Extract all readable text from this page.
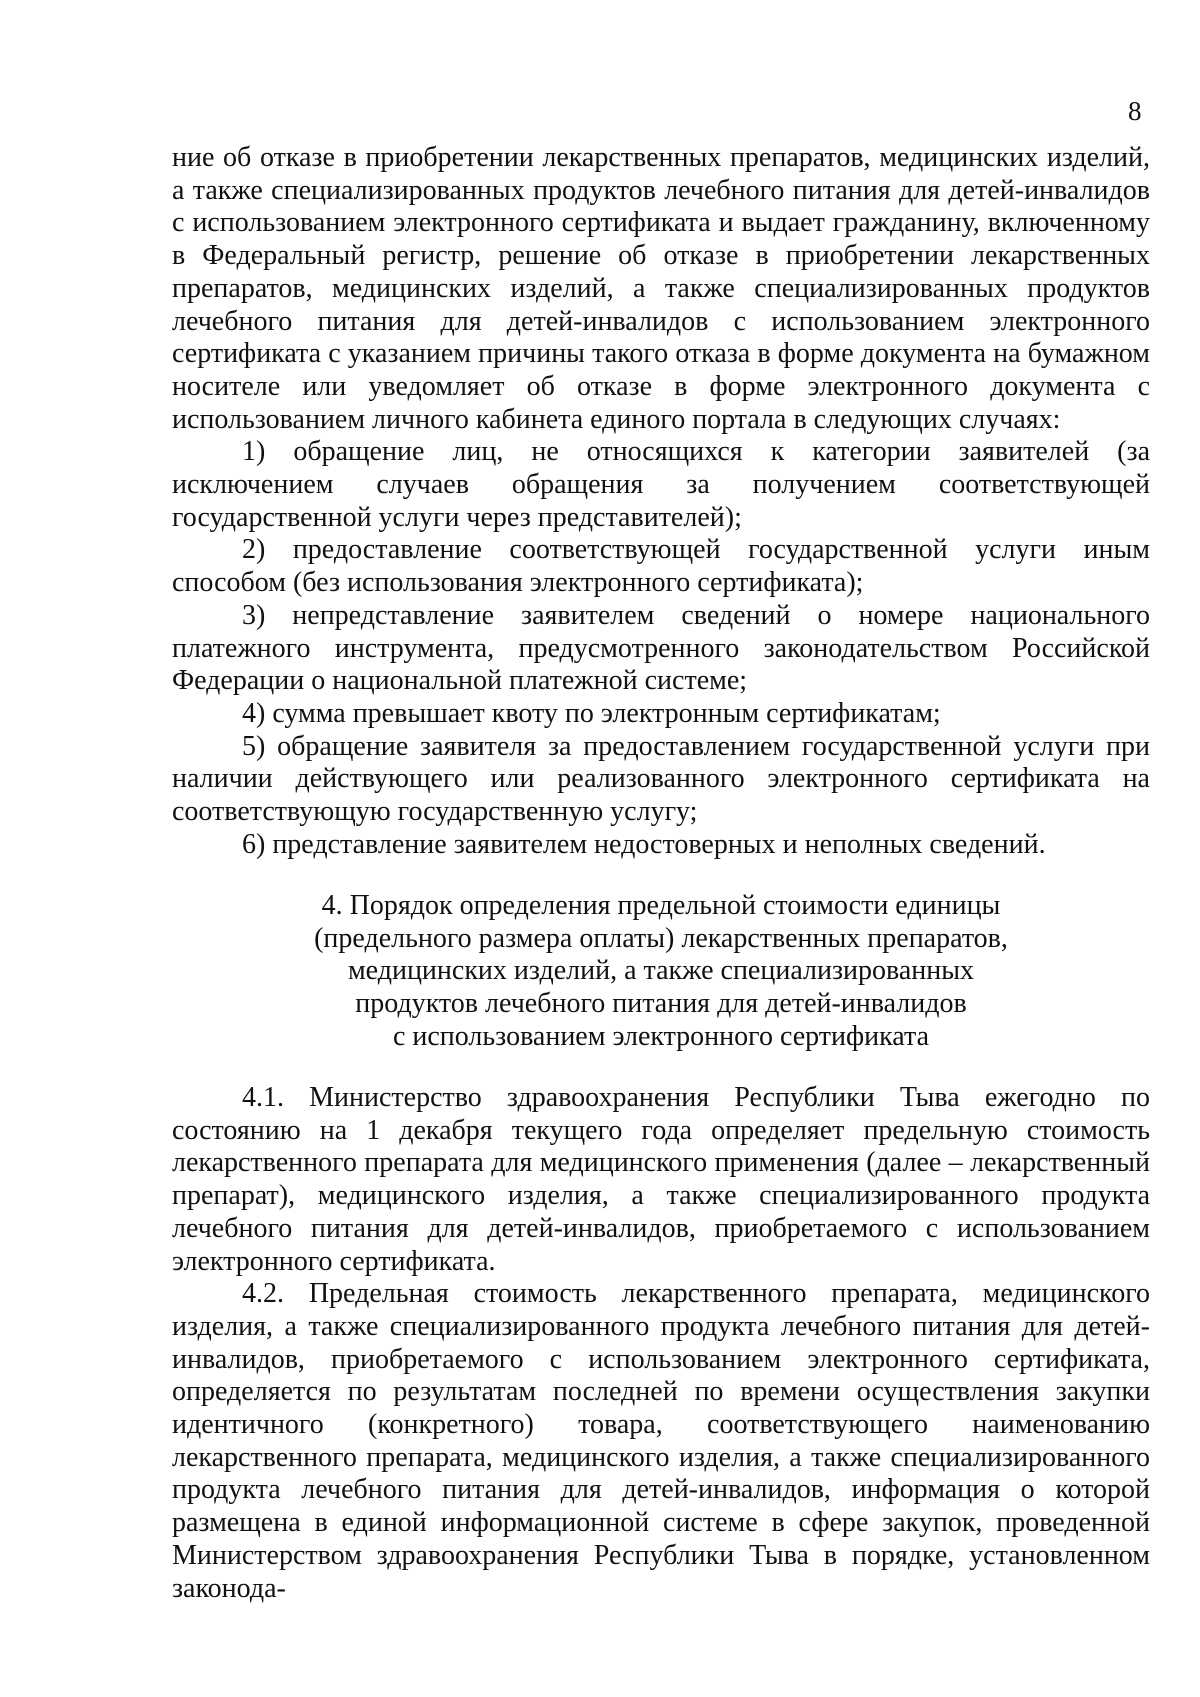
8

ние об отказе в приобретении лекарственных препаратов, медицинских изделий, а также специализированных продуктов лечебного питания для детей-инвалидов с использованием электронного сертификата и выдает гражданину, включенному в Федеральный регистр, решение об отказе в приобретении лекарственных препаратов, медицинских изделий, а также специализированных продуктов лечебного питания для детей-инвалидов с использованием электронного сертификата с указанием причины такого отказа в форме документа на бумажном носителе или уведомляет об отказе в форме электронного документа с использованием личного кабинета единого портала в следующих случаях:

1) обращение лиц, не относящихся к категории заявителей (за исключением случаев обращения за получением соответствующей государственной услуги через представителей);

2) предоставление соответствующей государственной услуги иным способом (без использования электронного сертификата);

3) непредставление заявителем сведений о номере национального платежного инструмента, предусмотренного законодательством Российской Федерации о национальной платежной системе;

4) сумма превышает квоту по электронным сертификатам;

5) обращение заявителя за предоставлением государственной услуги при наличии действующего или реализованного электронного сертификата на соответствующую государственную услугу;

6) представление заявителем недостоверных и неполных сведений.

4. Порядок определения предельной стоимости единицы

(предельного размера оплаты) лекарственных препаратов,

медицинских изделий, а также специализированных

продуктов лечебного питания для детей-инвалидов

с использованием электронного сертификата

4.1. Министерство здравоохранения Республики Тыва ежегодно по состоянию на 1 декабря текущего года определяет предельную стоимость лекарственного препарата для медицинского применения (далее – лекарственный препарат), медицинского изделия, а также специализированного продукта лечебного питания для детей-инвалидов, приобретаемого с использованием электронного сертификата.

4.2. Предельная стоимость лекарственного препарата, медицинского изделия, а также специализированного продукта лечебного питания для детей-инвалидов, приобретаемого с использованием электронного сертификата, определяется по результатам последней по времени осуществления закупки идентичного (конкретного) товара, соответствующего наименованию лекарственного препарата, медицинского изделия, а также специализированного продукта лечебного питания для детей-инвалидов, информация о которой размещена в единой информационной системе в сфере закупок, проведенной Министерством здравоохранения Республики Тыва в порядке, установленном законода-
